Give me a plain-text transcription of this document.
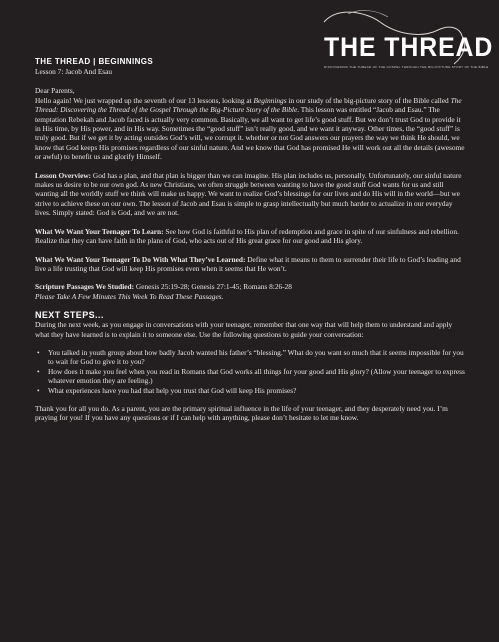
THE THREAD
DISCOVERING THE THREAD OF THE GOSPEL THROUGH THE BIG-PICTURE STORY OF THE BIBLE
THE THREAD | BEGINNINGS
Lesson 7: Jacob And Esau
Dear Parents,

Hello again! We just wrapped up the seventh of our 13 lessons, looking at Beginnings in our study of the big-picture story of the Bible called The Thread: Discovering the Thread of the Gospel Through the Big-Picture Story of the Bible. This lesson was entitled “Jacob and Esau.” The temptation Rebekah and Jacob faced is actually very common. Basically, we all want to get life’s good stuff. But we don’t trust God to provide it in His time, by His power, and in His way. Sometimes the “good stuff” isn’t really good, and we want it anyway. Other times, the “good stuff” is truly good. But if we get it by acting outsides God’s will, we corrupt it. whether or not God answers our prayers the way we think He should, we know that God keeps His promises regardless of our sinful nature. And we know that God has promised He will work out all the details (awesome or awful) to benefit us and glorify Himself.

Lesson Overview: God has a plan, and that plan is bigger than we can imagine. His plan includes us, personally. Unfortunately, our sinful nature makes us desire to be our own god. As new Christians, we often struggle between wanting to have the good stuff God wants for us and still wanting all the worldly stuff we think will make us happy. We want to realize God’s blessings for our lives and do His will in the world—but we strive to achieve these on our own. The lesson of Jacob and Esau is simple to grasp intellectually but much harder to actualize in our everyday lives. Simply stated: God is God, and we are not.

What We Want Your Teenager To Learn: See how God is faithful to His plan of redemption and grace in spite of our sinfulness and rebellion. Realize that they can have faith in the plans of God, who acts out of His great grace for our good and His glory.

What We Want Your Teenager To Do With What They’ve Learned: Define what it means to them to surrender their life to God’s leading and live a life trusting that God will keep His promises even when it seems that He won’t.

Scripture Passages We Studied: Genesis 25:19-28; Genesis 27:1-45; Romans 8:26-28
Please Take A Few Minutes This Week To Read These Passages.

NEXT STEPS...

During the next week, as you engage in conversations with your teenager, remember that one way that will help them to understand and apply what they have learned is to explain it to someone else. Use the following questions to guide your conversation:

• You talked in youth group about how badly Jacob wanted his father’s “blessing.” What do you want so much that it seems impossible for you to wait for God to give it to you?
• How does it make you feel when you read in Romans that God works all things for your good and His glory? (Allow your teenager to express whatever emotion they are feeling.)
• What experiences have you had that help you trust that God will keep His promises?

Thank you for all you do. As a parent, you are the primary spiritual influence in the life of your teenager, and they desperately need you. I’m praying for you! If you have any questions or if I can help with anything, please don’t hesitate to let me know.
